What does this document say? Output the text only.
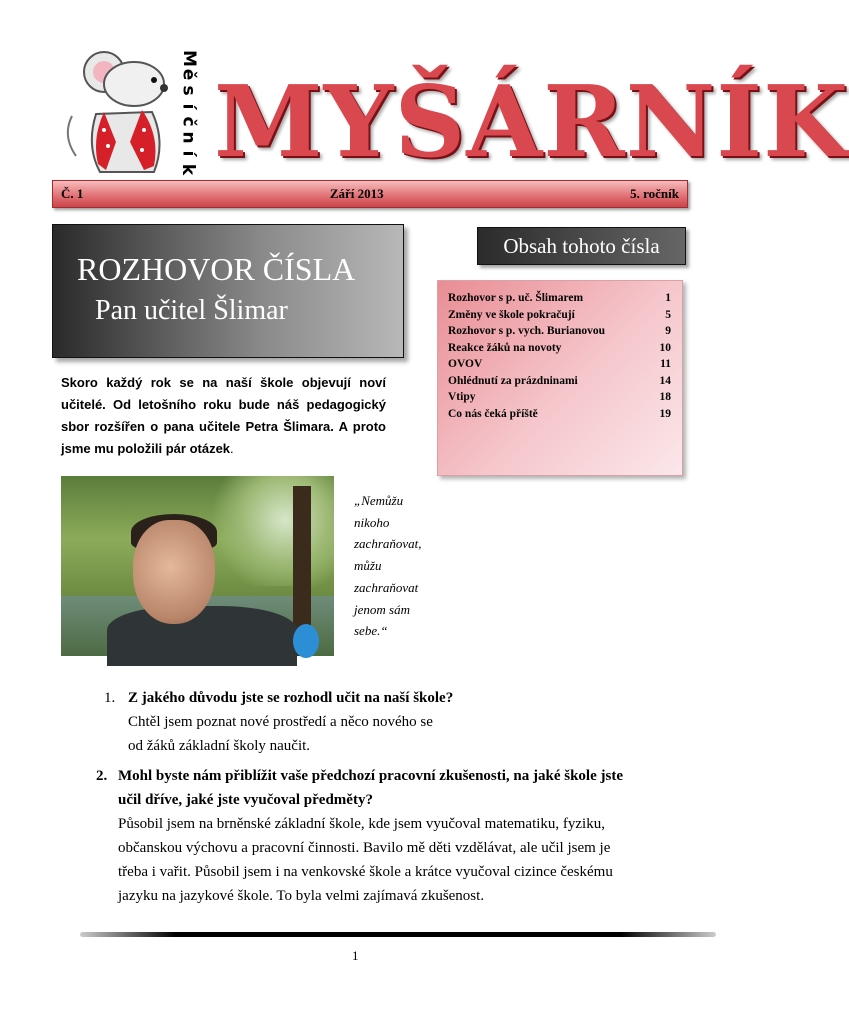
M
ě
s
í
č
n
í
k MYŠÁRNÍK
Č. 1	Září 2013	5. ročník
ROZHOVOR ČÍSLA
Pan učitel Šlimar
Skoro každý rok se na naší škole objevují noví učitelé. Od letošního roku bude náš pedagogický sbor rozšířen o pana učitele Petra Šlimara. A proto jsme mu položili pár otázek.
Obsah tohoto čísla
Rozhovor s p. uč. Šlimarem	1
Změny ve škole pokračují	5
Rozhovor s p. vych. Burianovou	9
Reakce žáků na novoty	10
OVOV	11
Ohlédnutí za prázdninami	14
Vtipy	18
Co nás čeká příště	19
„Nemůžu
nikoho
zachraňovat,
můžu
zachraňovat
jenom sám
sebe.“
1. Z jakého důvodu jste se rozhodl učit na naší škole?
Chtěl jsem poznat nové prostředí a něco nového se
od žáků základní školy naučit.
2. Mohl byste nám přiblížit vaše předchozí pracovní zkušenosti, na jaké škole jste
učil dříve, jaké jste vyučoval předměty?
Působil jsem na brněnské základní škole, kde jsem vyučoval matematiku, fyziku,
občanskou výchovu a pracovní činnosti. Bavilo mě děti vzdělávat, ale učil jsem je
třeba i vařit. Působil jsem i na venkovské škole a krátce vyučoval cizince českému
jazyku na jazykové škole. To byla velmi zajímavá zkušenost.
1
